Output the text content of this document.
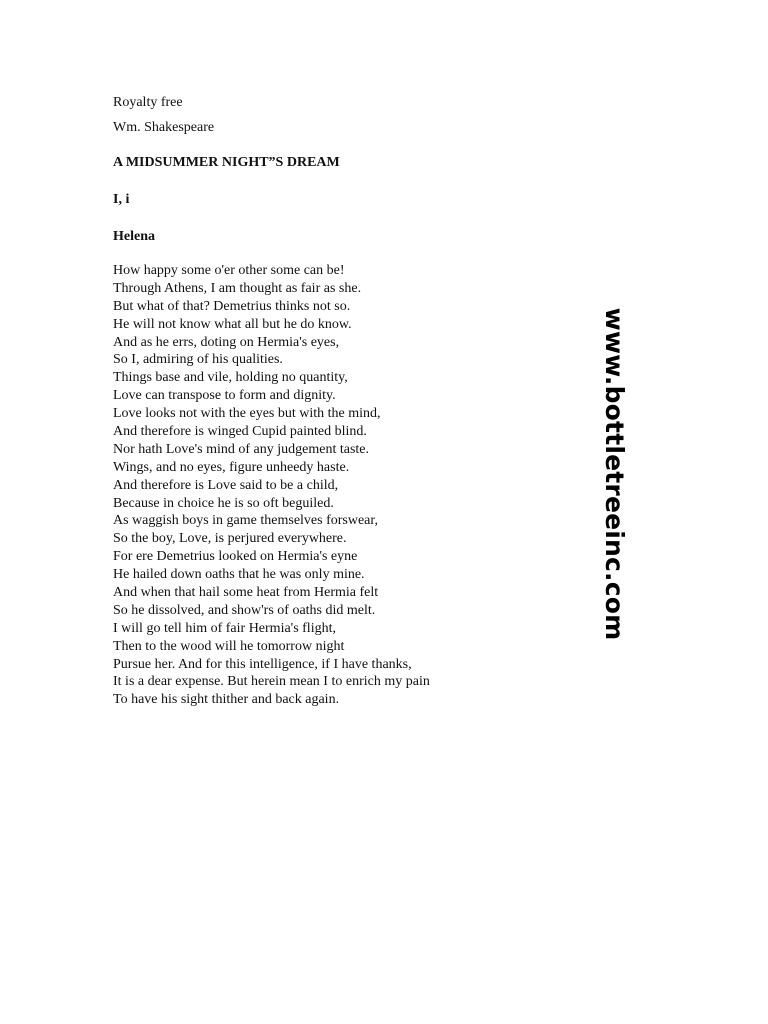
Royalty free
Wm. Shakespeare
A MIDSUMMER NIGHT”S DREAM
I, i
Helena
How happy some o'er other some can be!
Through Athens, I am thought as fair as she.
But what of that? Demetrius thinks not so.
He will not know what all but he do know.
And as he errs, doting on Hermia's eyes,
So I, admiring of his qualities.
Things base and vile, holding no quantity,
Love can transpose to form and dignity.
Love looks not with the eyes but with the mind,
And therefore is winged Cupid painted blind.
Nor hath Love's mind of any judgement taste.
Wings, and no eyes, figure unheedy haste.
And therefore is Love said to be a child,
Because in choice he is so oft beguiled.
As waggish boys in game themselves forswear,
So the boy, Love, is perjured everywhere.
For ere Demetrius looked on Hermia's eyne
He hailed down oaths that he was only mine.
And when that hail some heat from Hermia felt
So he dissolved, and show'rs of oaths did melt.
I will go tell him of fair Hermia's flight,
Then to the wood will he tomorrow night
Pursue her. And for this intelligence, if I have thanks,
It is a dear expense. But herein mean I to enrich my pain
To have his sight thither and back again.
www.bottletreeinc.com
